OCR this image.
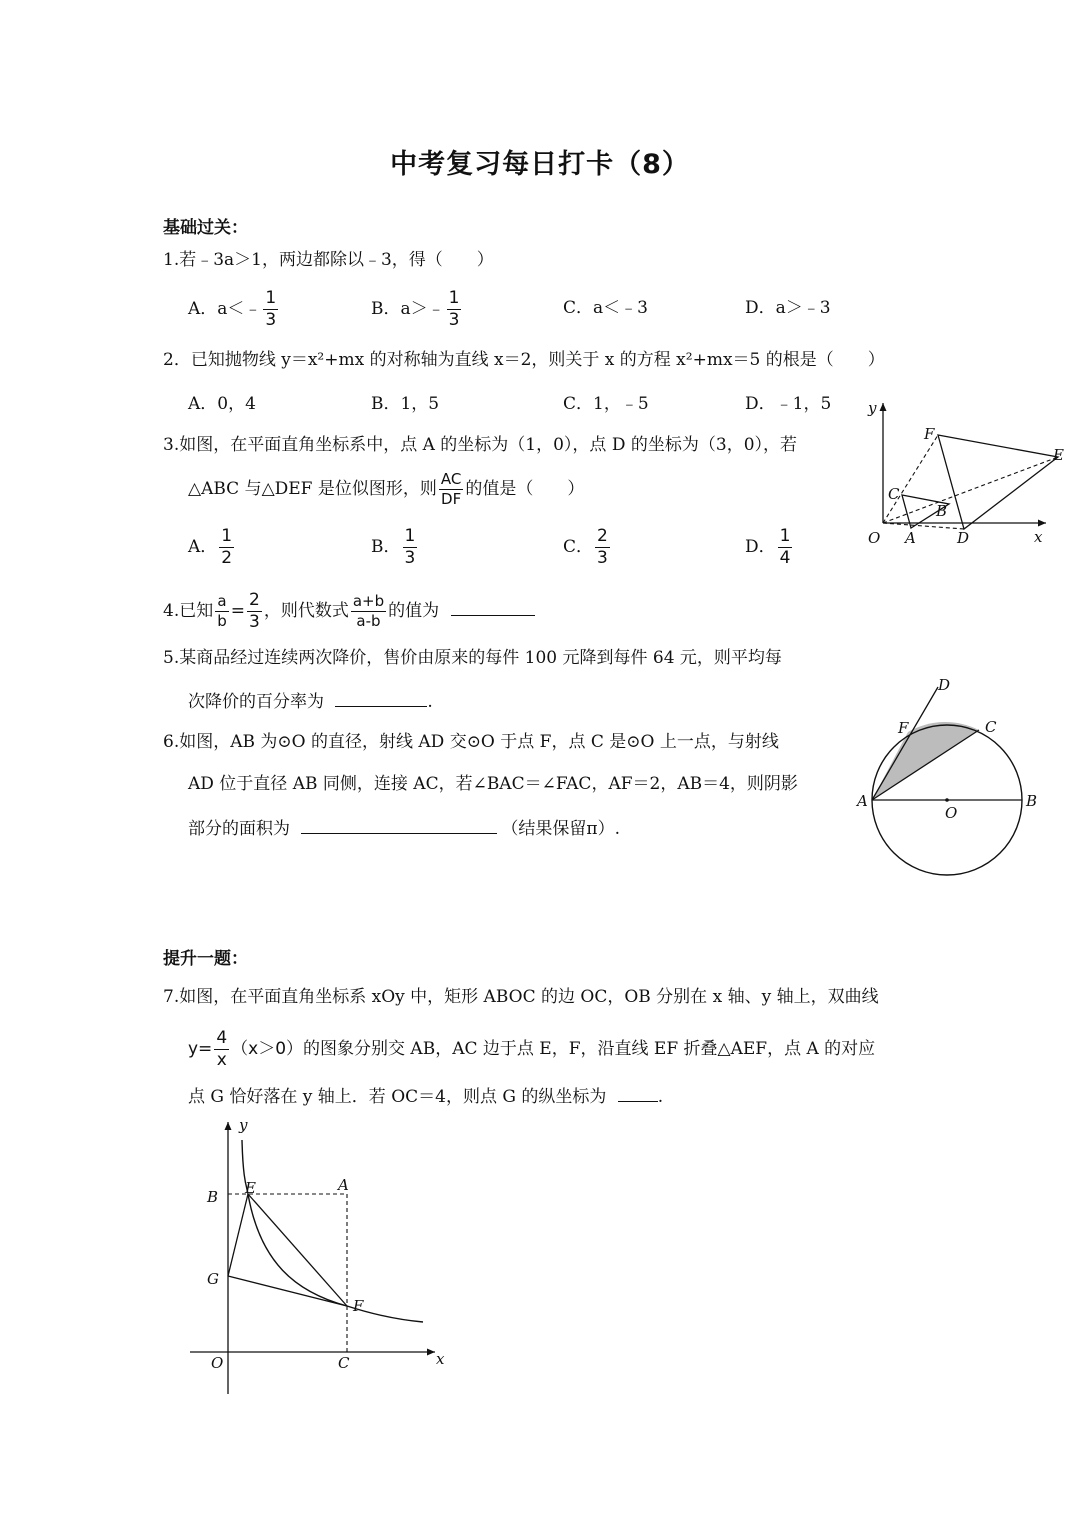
中考复习每日打卡（8）
基础过关：
1.若﹣3a＞1，两边都除以﹣3，得（　　）
A．a＜﹣ $\frac{1}{3}$	B．a＞﹣ $\frac{1}{3}$	C．a＜﹣3	D．a＞﹣3
2．已知抛物线 y＝x²+mx 的对称轴为直线 x＝2，则关于 x 的方程 x²+mx＝5 的根是（　　）
A．0，4	B．1，5	C．1，﹣5	D．﹣1，5
3.如图，在平面直角坐标系中，点 A 的坐标为（1，0），点 D 的坐标为（3，0），若
△ABC 与△DEF 是位似图形，则 $\frac{AC}{DF}$ 的值是（　　）
A． $\frac{1}{2}$	B． $\frac{1}{3}$	C． $\frac{2}{3}$	D． $\frac{1}{4}$
y
x
O A	D
B
C
F
E
4.已知 $\frac{a}{b} = \frac{2}{3}$ ，则代数式 $\frac{a+b}{a-b}$ 的值为
5.某商品经过连续两次降价，售价由原来的每件 100 元降到每件 64 元，则平均每
次降价的百分率为	.
6.如图，AB 为⊙O 的直径，射线 AD 交⊙O 于点 F，点 C 是⊙O 上一点，与射线
AD 位于直径 AB 同侧，连接 AC，若∠BAC＝∠FAC，AF＝2，AB＝4，则阴影
部分的面积为	（结果保留π）.
D
F	C
A
O
B
提升一题：
7.如图，在平面直角坐标系 xOy 中，矩形 ABOC 的边 OC，OB 分别在 x 轴、y 轴上，双曲线
$y= \frac{4}{x} (x>0)$的图象分别交 AB，AC 边于点 E，F，沿直线 EF 折叠△AEF，点 A 的对应
点 G 恰好落在 y 轴上．若 OC＝4，则点 G 的纵坐标为	.
y
x
B E	A
G
F
O	C
